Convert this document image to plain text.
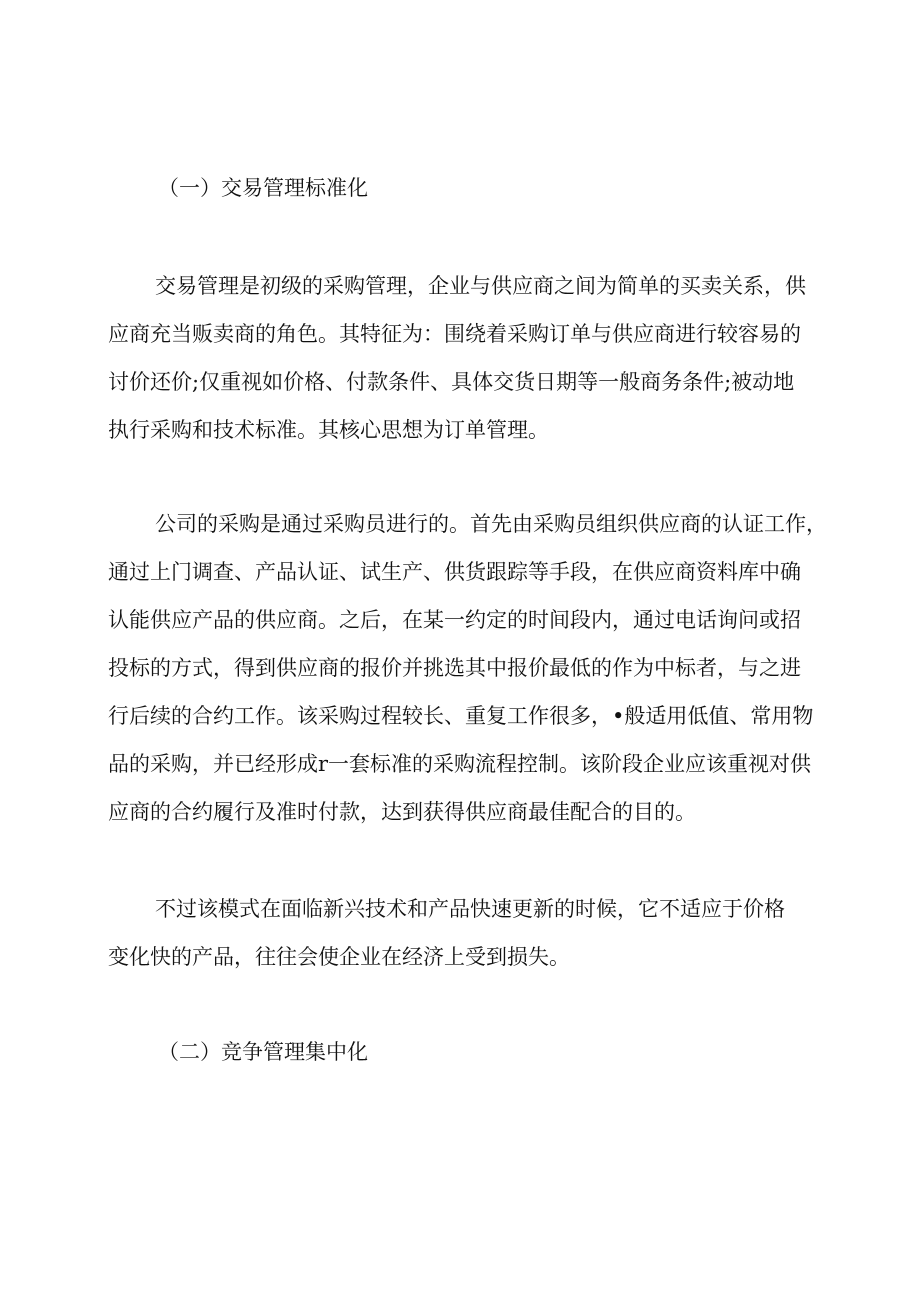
（一）交易管理标准化
交易管理是初级的采购管理，企业与供应商之间为简单的买卖关系，供
应商充当贩卖商的角色。其特征为：围绕着采购订单与供应商进行较容易的
讨价还价;仅重视如价格、付款条件、具体交货日期等一般商务条件;被动地
执行采购和技术标准。其核心思想为订单管理。
公司的采购是通过采购员进行的。首先由采购员组织供应商的认证工作，
通过上门调查、产品认证、试生产、供货跟踪等手段，在供应商资料库中确
认能供应产品的供应商。之后，在某一约定的时间段内，通过电话询问或招
投标的方式，得到供应商的报价并挑选其中报价最低的作为中标者，与之进
行后续的合约工作。该采购过程较长、重复工作很多，•般适用低值、常用物
品的采购，并已经形成r一套标准的采购流程控制。该阶段企业应该重视对供
应商的合约履行及准时付款，达到获得供应商最佳配合的目的。
不过该模式在面临新兴技术和产品快速更新的时候，它不适应于价格
变化快的产品，往往会使企业在经济上受到损失。
（二）竞争管理集中化
